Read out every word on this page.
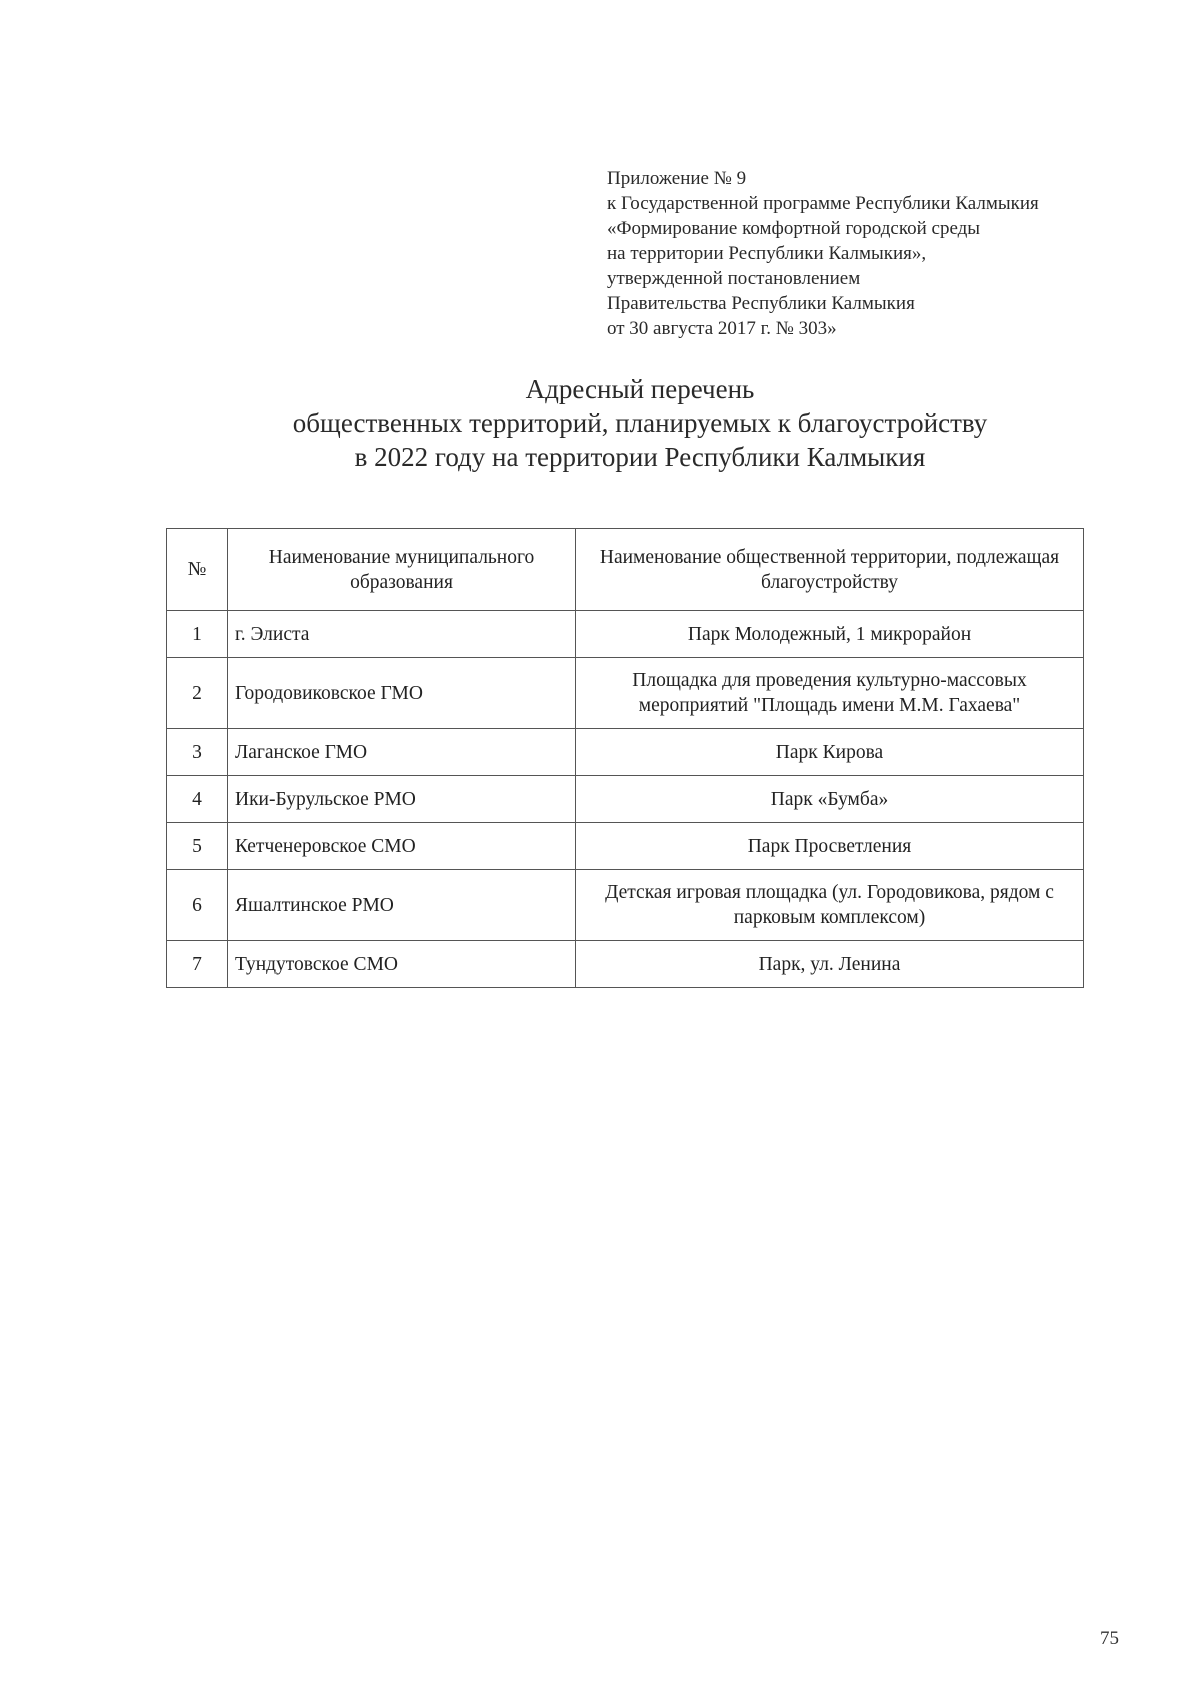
Приложение № 9
к Государственной программе Республики Калмыкия
«Формирование комфортной городской среды
на территории Республики Калмыкия»,
утвержденной постановлением
Правительства Республики Калмыкия
от 30 августа 2017 г. № 303»
Адресный перечень
общественных территорий, планируемых к благоустройству
в 2022 году на территории Республики Калмыкия
№	Наименование муниципального образования	Наименование общественной территории, подлежащая благоустройству
1	г. Элиста	Парк Молодежный, 1 микрорайон
2	Городовиковское ГМО	Площадка для проведения культурно-массовых мероприятий "Площадь имени М.М. Гахаева"
3	Лаганское ГМО	Парк Кирова
4	Ики-Бурульское РМО	Парк «Бумба»
5	Кетченеровское СМО	Парк Просветления
6	Яшалтинское РМО	Детская игровая площадка (ул. Городовикова, рядом с парковым комплексом)
7	Тундутовское СМО	Парк, ул. Ленина
75
